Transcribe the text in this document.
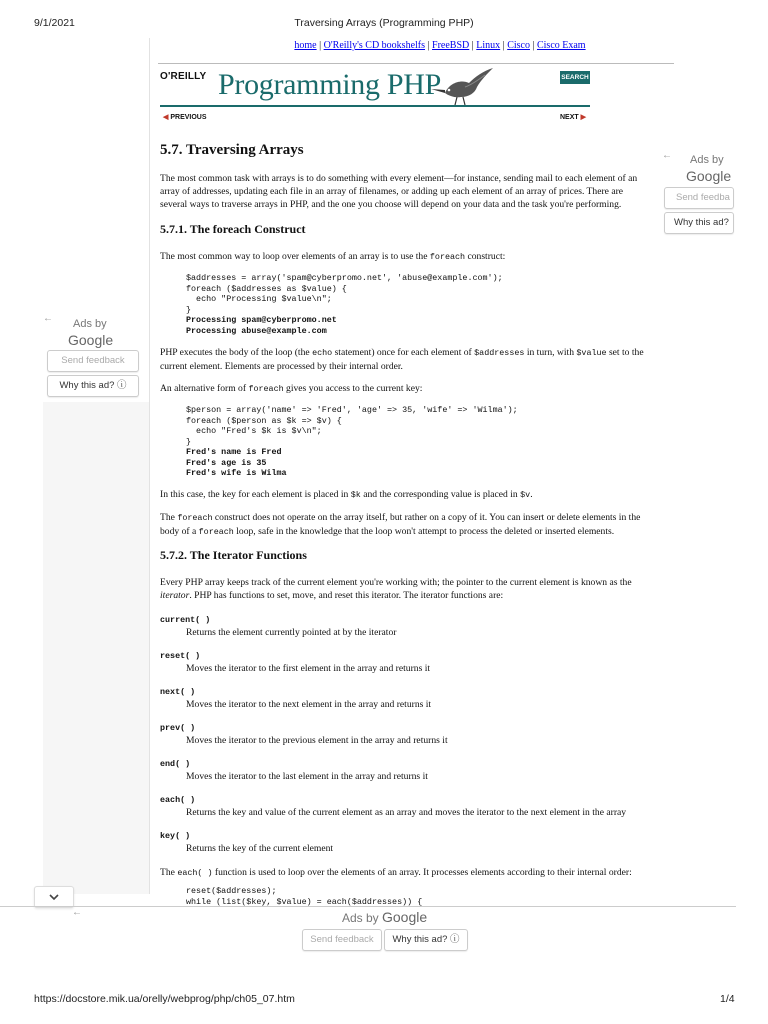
9/1/2021	Traversing Arrays (Programming PHP)
home | O'Reilly's CD bookshelfs | FreeBSD | Linux | Cisco | Cisco Exam
O'REILLY Programming PHP	SEARCH
◀ PREVIOUS	NEXT ▶
5.7. Traversing Arrays
The most common task with arrays is to do something with every element—for instance, sending mail to each element of an array of addresses, updating each file in an array of filenames, or adding up each element of an array of prices. There are several ways to traverse arrays in PHP, and the one you choose will depend on your data and the task you're performing.
5.7.1. The foreach Construct
The most common way to loop over elements of an array is to use the foreach construct:
$addresses = array('spam@cyberpromo.net', 'abuse@example.com');
foreach ($addresses as $value) {
echo "Processing $value\n";
}
Processing spam@cyberpromo.net
Processing abuse@example.com
PHP executes the body of the loop (the echo statement) once for each element of $addresses in turn, with $value set to the current element. Elements are processed by their internal order.
An alternative form of foreach gives you access to the current key:
$person = array('name' => 'Fred', 'age' => 35, 'wife' => 'Wilma');
foreach ($person as $k => $v) {
echo "Fred's $k is $v\n";
}
Fred's name is Fred
Fred's age is 35
Fred's wife is Wilma
In this case, the key for each element is placed in $k and the corresponding value is placed in $v.
The foreach construct does not operate on the array itself, but rather on a copy of it. You can insert or delete elements in the body of a foreach loop, safe in the knowledge that the loop won't attempt to process the deleted or inserted elements.
5.7.2. The Iterator Functions
Every PHP array keeps track of the current element you're working with; the pointer to the current element is known as the iterator. PHP has functions to set, move, and reset this iterator. The iterator functions are:
current( )
Returns the element currently pointed at by the iterator
reset( )
Moves the iterator to the first element in the array and returns it
next( )
Moves the iterator to the next element in the array and returns it
prev( )
Moves the iterator to the previous element in the array and returns it
end( )
Moves the iterator to the last element in the array and returns it
each( )
Returns the key and value of the current element as an array and moves the iterator to the next element in the array
key( )
Returns the key of the current element
The each( ) function is used to loop over the elements of an array. It processes elements according to their internal order:
reset($addresses);
while (list($key, $value) = each($addresses)) {
← Ads by
Google
Send feedba
Why this ad?
← Ads by
Google
Send feedback
Why this ad? ⓘ
←	Ads by Google
Send feedback	Why this ad? ⓘ
https://docstore.mik.ua/orelly/webprog/php/ch05_07.htm	1/4
